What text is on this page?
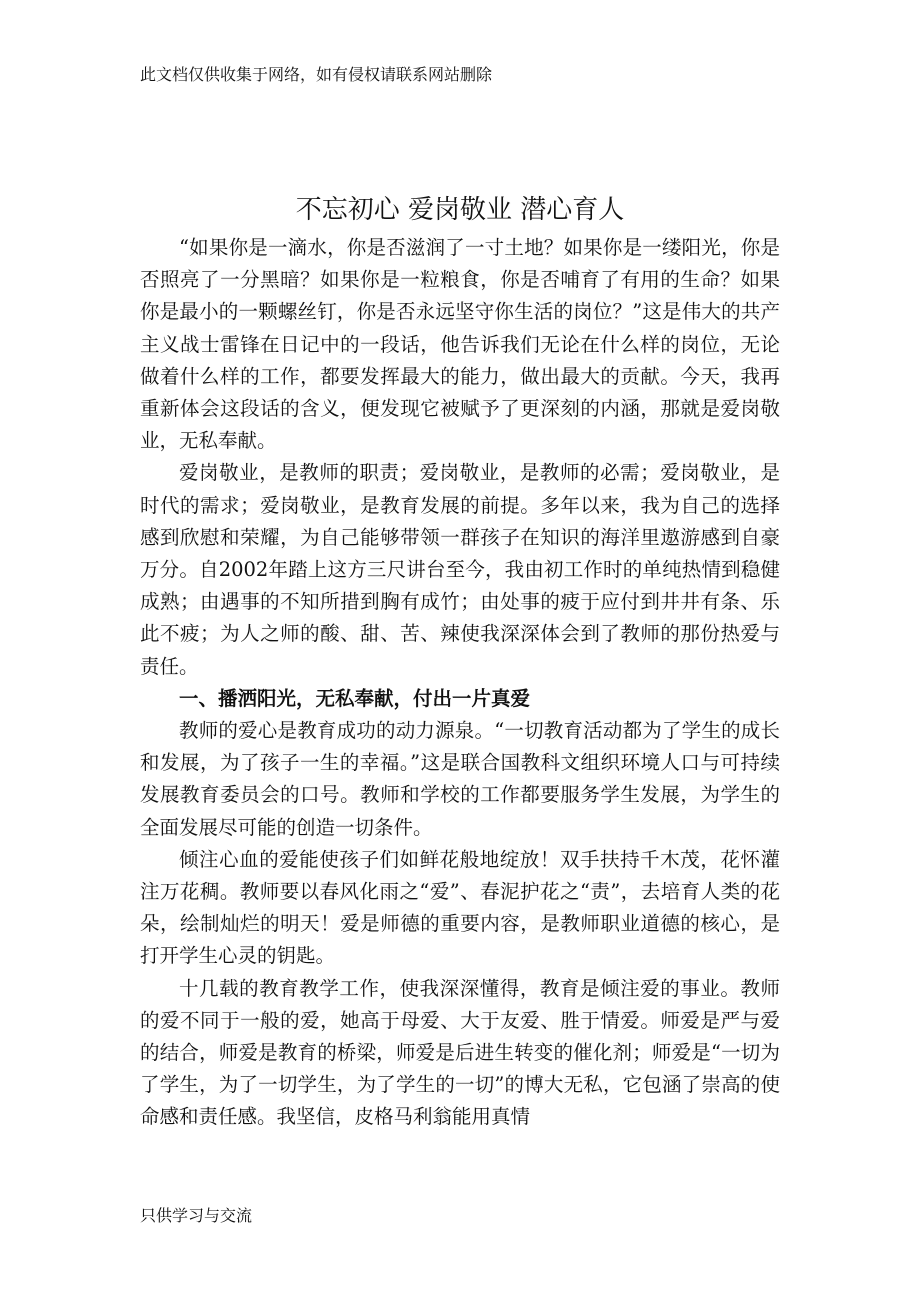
此文档仅供收集于网络，如有侵权请联系网站删除
不忘初心 爱岗敬业 潜心育人

“如果你是一滴水，你是否滋润了一寸土地？如果你是一缕阳光，你是否照亮了一分黑暗？如果你是一粒粮食，你是否哺育了有用的生命？如果你是最小的一颗螺丝钉，你是否永远坚守你生活的岗位？”这是伟大的共产主义战士雷锋在日记中的一段话，他告诉我们无论在什么样的岗位，无论做着什么样的工作，都要发挥最大的能力，做出最大的贡献。今天，我再重新体会这段话的含义，便发现它被赋予了更深刻的内涵，那就是爱岗敬业，无私奉献。

爱岗敬业，是教师的职责；爱岗敬业，是教师的必需；爱岗敬业，是时代的需求；爱岗敬业，是教育发展的前提。多年以来，我为自己的选择感到欣慰和荣耀，为自己能够带领一群孩子在知识的海洋里遨游感到自豪万分。自2002年踏上这方三尺讲台至今，我由初工作时的单纯热情到稳健成熟；由遇事的不知所措到胸有成竹；由处事的疲于应付到井井有条、乐此不疲；为人之师的酸、甜、苦、辣使我深深体会到了教师的那份热爱与责任。

一、播洒阳光，无私奉献，付出一片真爱

教师的爱心是教育成功的动力源泉。“一切教育活动都为了学生的成长和发展，为了孩子一生的幸福。”这是联合国教科文组织环境人口与可持续发展教育委员会的口号。教师和学校的工作都要服务学生发展，为学生的全面发展尽可能的创造一切条件。

倾注心血的爱能使孩子们如鲜花般地绽放！双手扶持千木茂，花怀灌注万花稠。教师要以春风化雨之“爱”、春泥护花之“责”，去培育人类的花朵，绘制灿烂的明天！爱是师德的重要内容，是教师职业道德的核心，是打开学生心灵的钥匙。

十几载的教育教学工作，使我深深懂得，教育是倾注爱的事业。教师的爱不同于一般的爱，她高于母爱、大于友爱、胜于情爱。师爱是严与爱的结合，师爱是教育的桥梁，师爱是后进生转变的催化剂；师爱是“一切为了学生，为了一切学生，为了学生的一切”的博大无私，它包涵了崇高的使命感和责任感。我坚信，皮格马利翁能用真情

只供学习与交流
